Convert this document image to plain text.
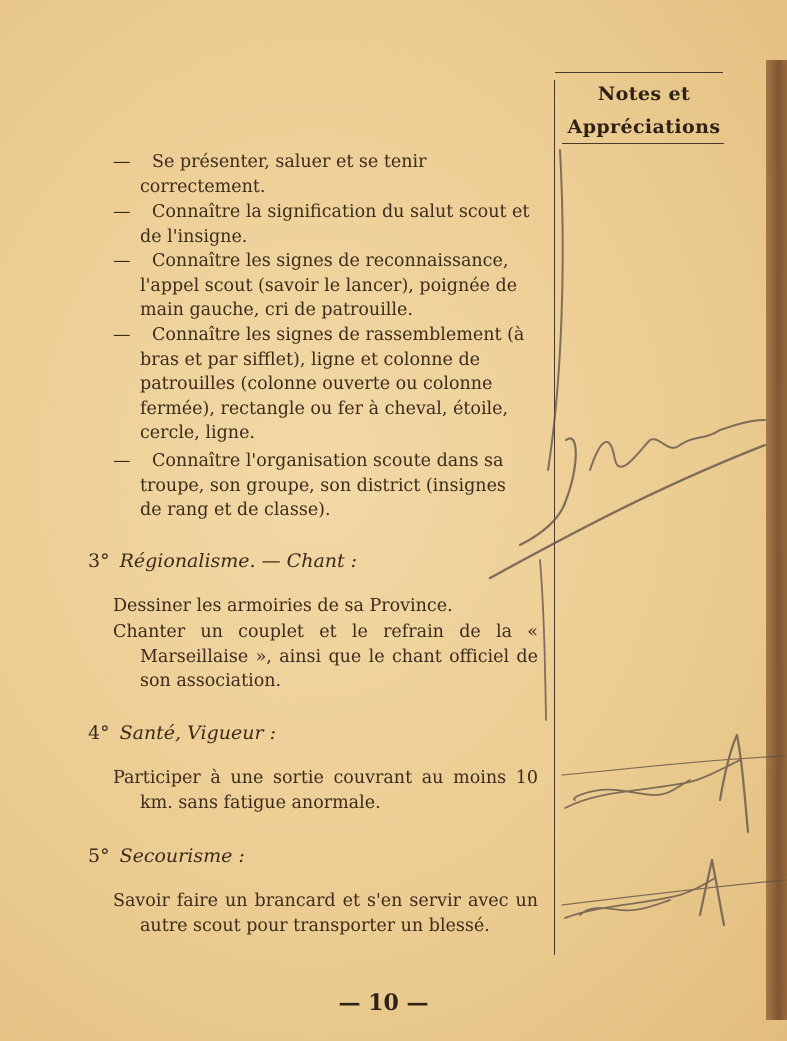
Notes et
Appréciations
—	Se présenter, saluer et se tenir correctement.
—	Connaître la signification du salut scout et de l'insigne.
—	Connaître les signes de reconnaissance, l'appel scout (savoir le lancer), poignée de main gauche, cri de patrouille.
—	Connaître les signes de rassemblement (à bras et par sifflet), ligne et colonne de patrouilles (colonne ouverte ou colonne fermée), rectangle ou fer à cheval, étoile, cercle, ligne.
—	Connaître l'organisation scoute dans sa troupe, son groupe, son district (insignes de rang et de classe).
3° Régionalisme. — Chant :
Dessiner les armoiries de sa Province.
Chanter un couplet et le refrain de la « Marseillaise », ainsi que le chant officiel de son association.
4° Santé, Vigueur :
Participer à une sortie couvrant au moins 10 km. sans fatigue anormale.
5° Secourisme :
Savoir faire un brancard et s'en servir avec un autre scout pour transporter un blessé.
— 10 —
